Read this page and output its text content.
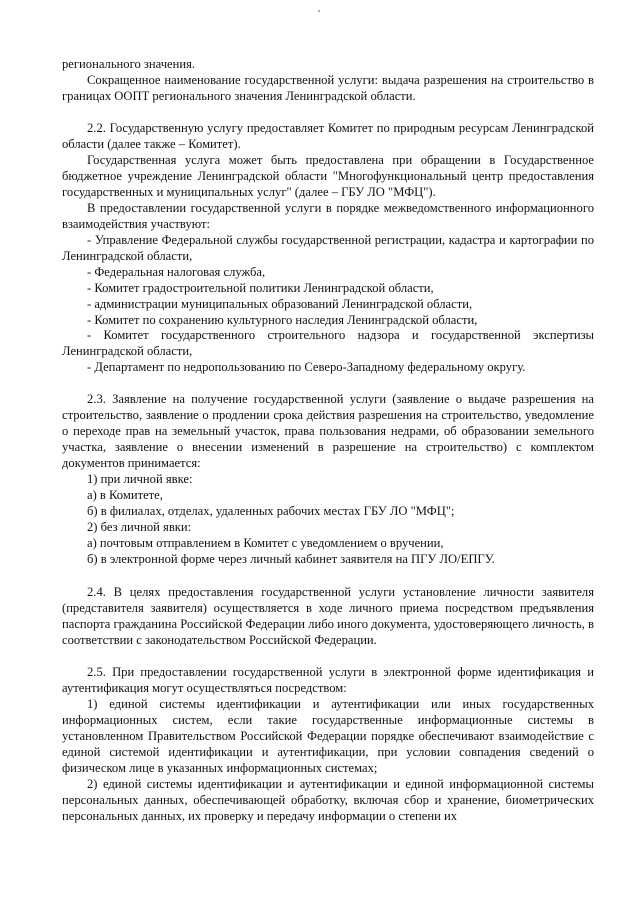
регионального значения.

Сокращенное наименование государственной услуги: выдача разрешения на строительство в границах ООПТ регионального значения Ленинградской области.

2.2. Государственную услугу предоставляет Комитет по природным ресурсам Ленинградской области (далее также – Комитет).

Государственная услуга может быть предоставлена при обращении в Государственное бюджетное учреждение Ленинградской области "Многофункциональный центр предоставления государственных и муниципальных услуг" (далее – ГБУ ЛО "МФЦ").

В предоставлении государственной услуги в порядке межведомственного информационного взаимодействия участвуют:

- Управление Федеральной службы государственной регистрации, кадастра и картографии по Ленинградской области,
- Федеральная налоговая служба,
- Комитет градостроительной политики Ленинградской области,
- администрации муниципальных образований Ленинградской области,
- Комитет по сохранению культурного наследия Ленинградской области,
- Комитет государственного строительного надзора и государственной экспертизы Ленинградской области,
- Департамент по недропользованию по Северо-Западному федеральному округу.

2.3. Заявление на получение государственной услуги (заявление о выдаче разрешения на строительство, заявление о продлении срока действия разрешения на строительство, уведомление о переходе прав на земельный участок, права пользования недрами, об образовании земельного участка, заявление о внесении изменений в разрешение на строительство) с комплектом документов принимается:

1) при личной явке:
а) в Комитете,
б) в филиалах, отделах, удаленных рабочих местах ГБУ ЛО "МФЦ";
2) без личной явки:
а) почтовым отправлением в Комитет с уведомлением о вручении,
б) в электронной форме через личный кабинет заявителя на ПГУ ЛО/ЕПГУ.

2.4. В целях предоставления государственной услуги установление личности заявителя (представителя заявителя) осуществляется в ходе личного приема посредством предъявления паспорта гражданина Российской Федерации либо иного документа, удостоверяющего личность, в соответствии с законодательством Российской Федерации.

2.5. При предоставлении государственной услуги в электронной форме идентификация и аутентификация могут осуществляться посредством:

1) единой системы идентификации и аутентификации или иных государственных информационных систем, если такие государственные информационные системы в установленном Правительством Российской Федерации порядке обеспечивают взаимодействие с единой системой идентификации и аутентификации, при условии совпадения сведений о физическом лице в указанных информационных системах;

2) единой системы идентификации и аутентификации и единой информационной системы персональных данных, обеспечивающей обработку, включая сбор и хранение, биометрических персональных данных, их проверку и передачу информации о степени их
